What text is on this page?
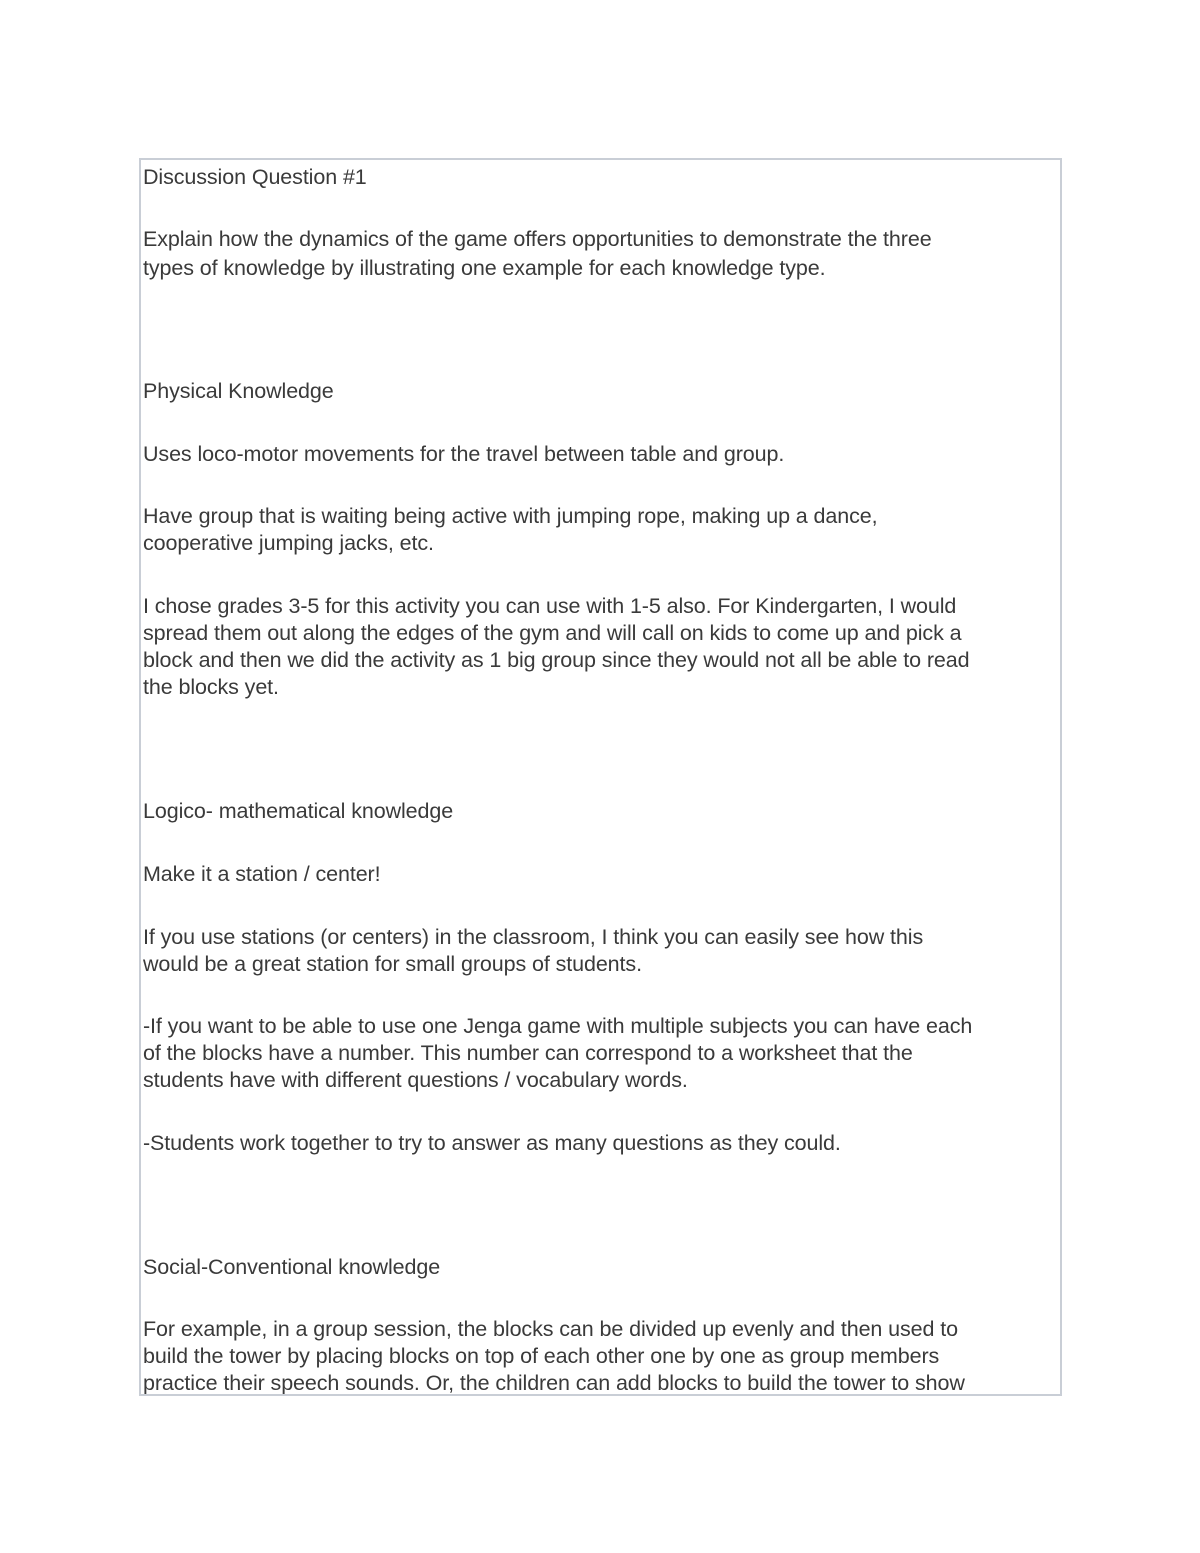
Discussion Question #1
Explain how the dynamics of the game offers opportunities to demonstrate the three
types of knowledge by illustrating one example for each knowledge type.
Physical Knowledge
Uses loco-motor movements for the travel between table and group.
Have group that is waiting being active with jumping rope, making up a dance,
cooperative jumping jacks, etc.
I chose grades 3-5 for this activity you can use with 1-5 also. For Kindergarten, I would
spread them out along the edges of the gym and will call on kids to come up and pick a
block and then we did the activity as 1 big group since they would not all be able to read
the blocks yet.
Logico- mathematical knowledge
Make it a station / center!
If you use stations (or centers) in the classroom, I think you can easily see how this
would be a great station for small groups of students.
-If you want to be able to use one Jenga game with multiple subjects you can have each
of the blocks have a number. This number can correspond to a worksheet that the
students have with different questions / vocabulary words.
-Students work together to try to answer as many questions as they could.
Social-Conventional knowledge
For example, in a group session, the blocks can be divided up evenly and then used to
build the tower by placing blocks on top of each other one by one as group members
practice their speech sounds. Or, the children can add blocks to build the tower to show
